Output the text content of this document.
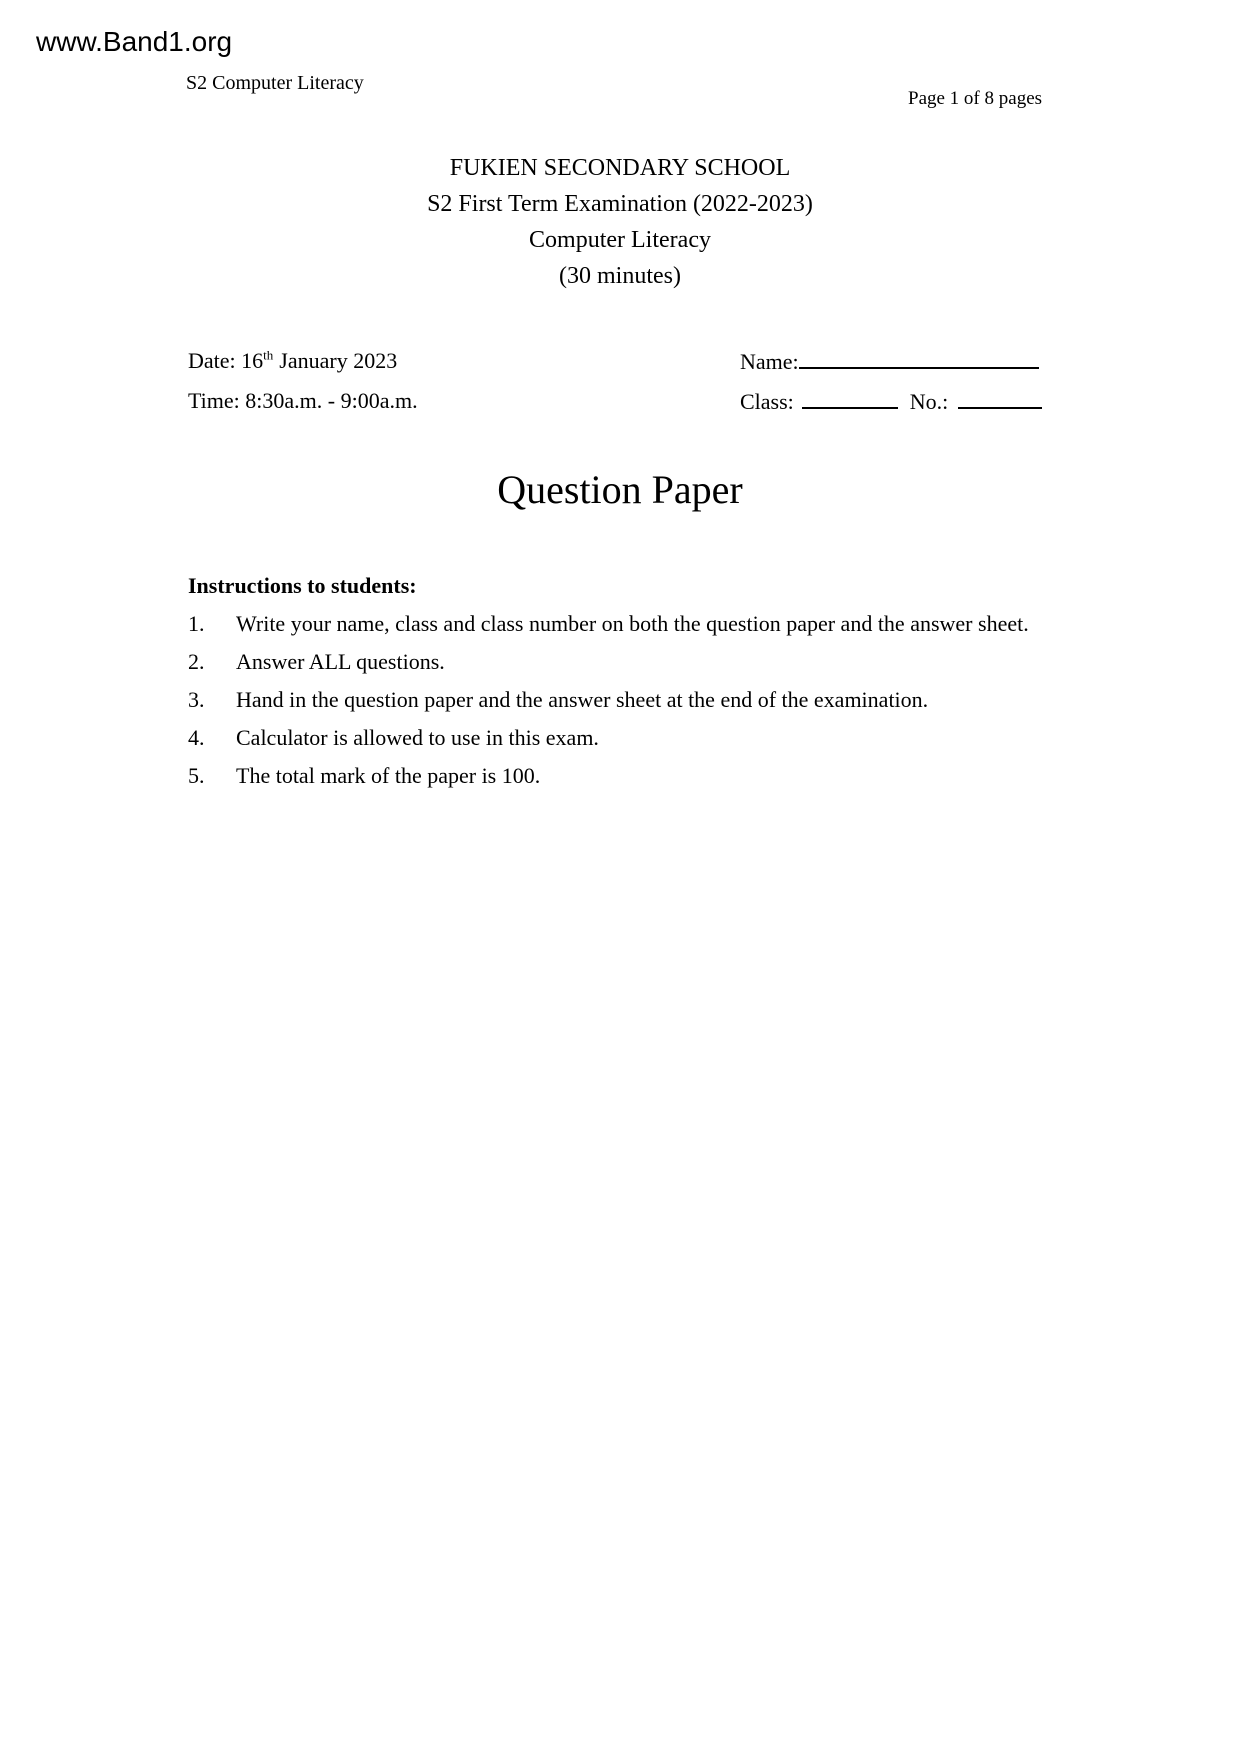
www.Band1.org
S2 Computer Literacy
Page 1 of 8 pages
FUKIEN SECONDARY SCHOOL
S2 First Term Examination (2022-2023)
Computer Literacy
(30 minutes)
Date: 16th January 2023
Time: 8:30a.m. - 9:00a.m.
Name:
Class:	No.:
Question Paper
Instructions to students:
1.	Write your name, class and class number on both the question paper and the answer sheet.
2.	Answer ALL questions.
3.	Hand in the question paper and the answer sheet at the end of the examination.
4.	Calculator is allowed to use in this exam.
5.	The total mark of the paper is 100.
